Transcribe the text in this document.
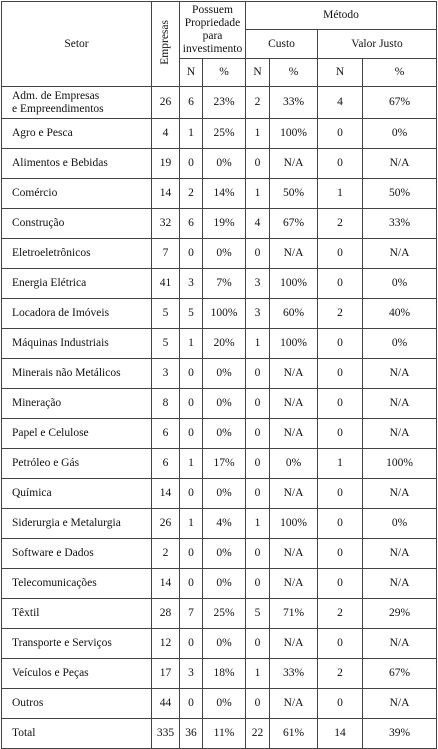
Setor	Empresas	Possuem Propriedade para investimento		Método			
				Custo		Valor Justo	
		N	%	N	%	N	%

Adm. de Empresas
e Empreendimentos	26	6	23%	2	33%	4	67%

Agro e Pesca	4	1	25%	1	100%	0	0%

Alimentos e Bebidas	19	0	0%	0	N/A	0	N/A

Comércio	14	2	14%	1	50%	1	50%

Construção	32	6	19%	4	67%	2	33%

Eletroeletrônicos	7	0	0%	0	N/A	0	N/A

Energia Elétrica	41	3	7%	3	100%	0	0%

Locadora de Imóveis	5	5	100%	3	60%	2	40%

Máquinas Industriais	5	1	20%	1	100%	0	0%

Minerais não Metálicos	3	0	0%	0	N/A	0	N/A

Mineração	8	0	0%	0	N/A	0	N/A

Papel e Celulose	6	0	0%	0	N/A	0	N/A

Petróleo e Gás	6	1	17%	0	0%	1	100%

Química	14	0	0%	0	N/A	0	N/A

Siderurgia e Metalurgia	26	1	4%	1	100%	0	0%

Software e Dados	2	0	0%	0	N/A	0	N/A

Telecomunicações	14	0	0%	0	N/A	0	N/A

Têxtil	28	7	25%	5	71%	2	29%

Transporte e Serviços	12	0	0%	0	N/A	0	N/A

Veículos e Peças	17	3	18%	1	33%	2	67%

Outros	44	0	0%	0	N/A	0	N/A

Total	335	36	11%	22	61%	14	39%
